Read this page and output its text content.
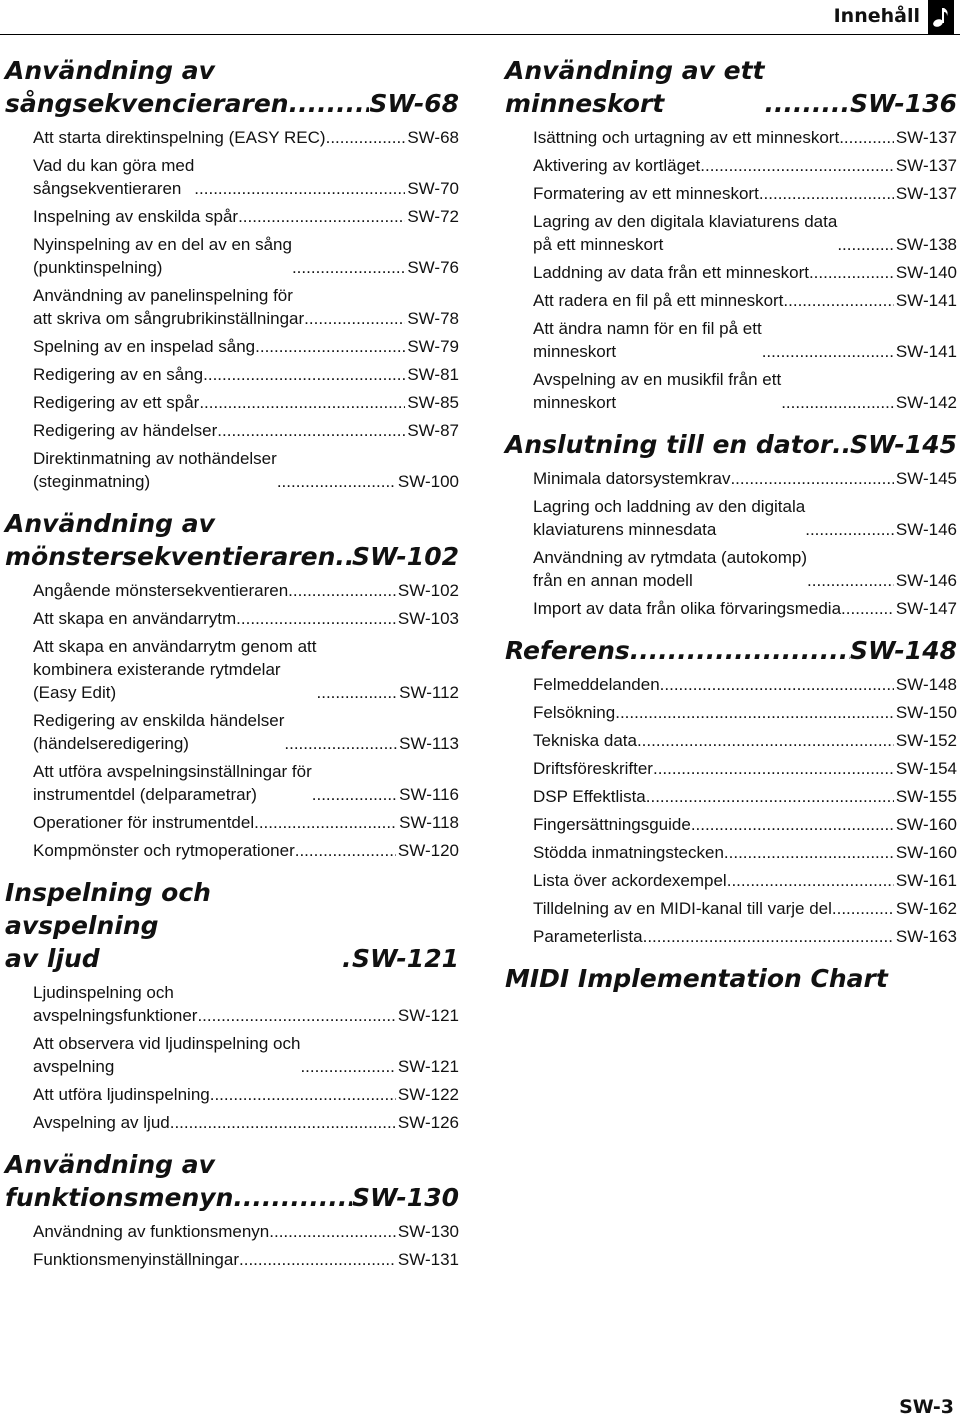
Innehåll
Användning av
sångsekvencieraren .....	SW-68
Att starta direktinspelning (EASY REC) .....	SW-68
Vad du kan göra med
sångsekventieraren .....	SW-70
Inspelning av enskilda spår .....	SW-72
Nyinspelning av en del av en sång
(punktinspelning) .....	SW-76
Användning av panelinspelning för
att skriva om sångrubrikinställningar .....	SW-78
Spelning av en inspelad sång .....	SW-79
Redigering av en sång .....	SW-81
Redigering av ett spår .....	SW-85
Redigering av händelser .....	SW-87
Direktinmatning av nothändelser
(steginmatning) .....	SW-100
Användning av
mönstersekventieraren ..... SW-102
Angående mönstersekventieraren .....	SW-102
Att skapa en användarrytm .....	SW-103
Att skapa en användarrytm genom att
kombinera existerande rytmdelar
(Easy Edit) .....	SW-112
Redigering av enskilda händelser
(händelseredigering) .....	SW-113
Att utföra avspelningsinställningar för
instrumentdel (delparametrar) .....	SW-116
Operationer för instrumentdel .....	SW-118
Kompmönster och rytmoperationer .....	SW-120
Inspelning och avspelning
av ljud .....	SW-121
Ljudinspelning och
avspelningsfunktioner .....	SW-121
Att observera vid ljudinspelning och
avspelning .....	SW-121
Att utföra ljudinspelning .....	SW-122
Avspelning av ljud .....	SW-126
Användning av
funktionsmenyn .....	SW-130
Användning av funktionsmenyn .....	SW-130
Funktionsmenyinställningar .....	SW-131
Användning av ett
minneskort .....	SW-136
Isättning och urtagning av ett minneskort .....	SW-137
Aktivering av kortläget .....	SW-137
Formatering av ett minneskort .....	SW-137
Lagring av den digitala klaviaturens data
på ett minneskort .....	SW-138
Laddning av data från ett minneskort .....	SW-140
Att radera en fil på ett minneskort .....	SW-141
Att ändra namn för en fil på ett
minneskort .....	SW-141
Avspelning av en musikfil från ett
minneskort .....	SW-142
Anslutning till en dator ..... SW-145
Minimala datorsystemkrav .....	SW-145
Lagring och laddning av den digitala
klaviaturens minnesdata .....	SW-146
Användning av rytmdata (autokomp)
från en annan modell .....	SW-146
Import av data från olika förvaringsmedia .....	SW-147
Referens .....	SW-148
Felmeddelanden .....	SW-148
Felsökning .....	SW-150
Tekniska data .....	SW-152
Driftsföreskrifter .....	SW-154
DSP Effektlista .....	SW-155
Fingersättningsguide .....	SW-160
Stödda inmatningstecken .....	SW-160
Lista över ackordexempel .....	SW-161
Tilldelning av en MIDI-kanal till varje del .....	SW-162
Parameterlista .....	SW-163
MIDI Implementation Chart
SW-3
